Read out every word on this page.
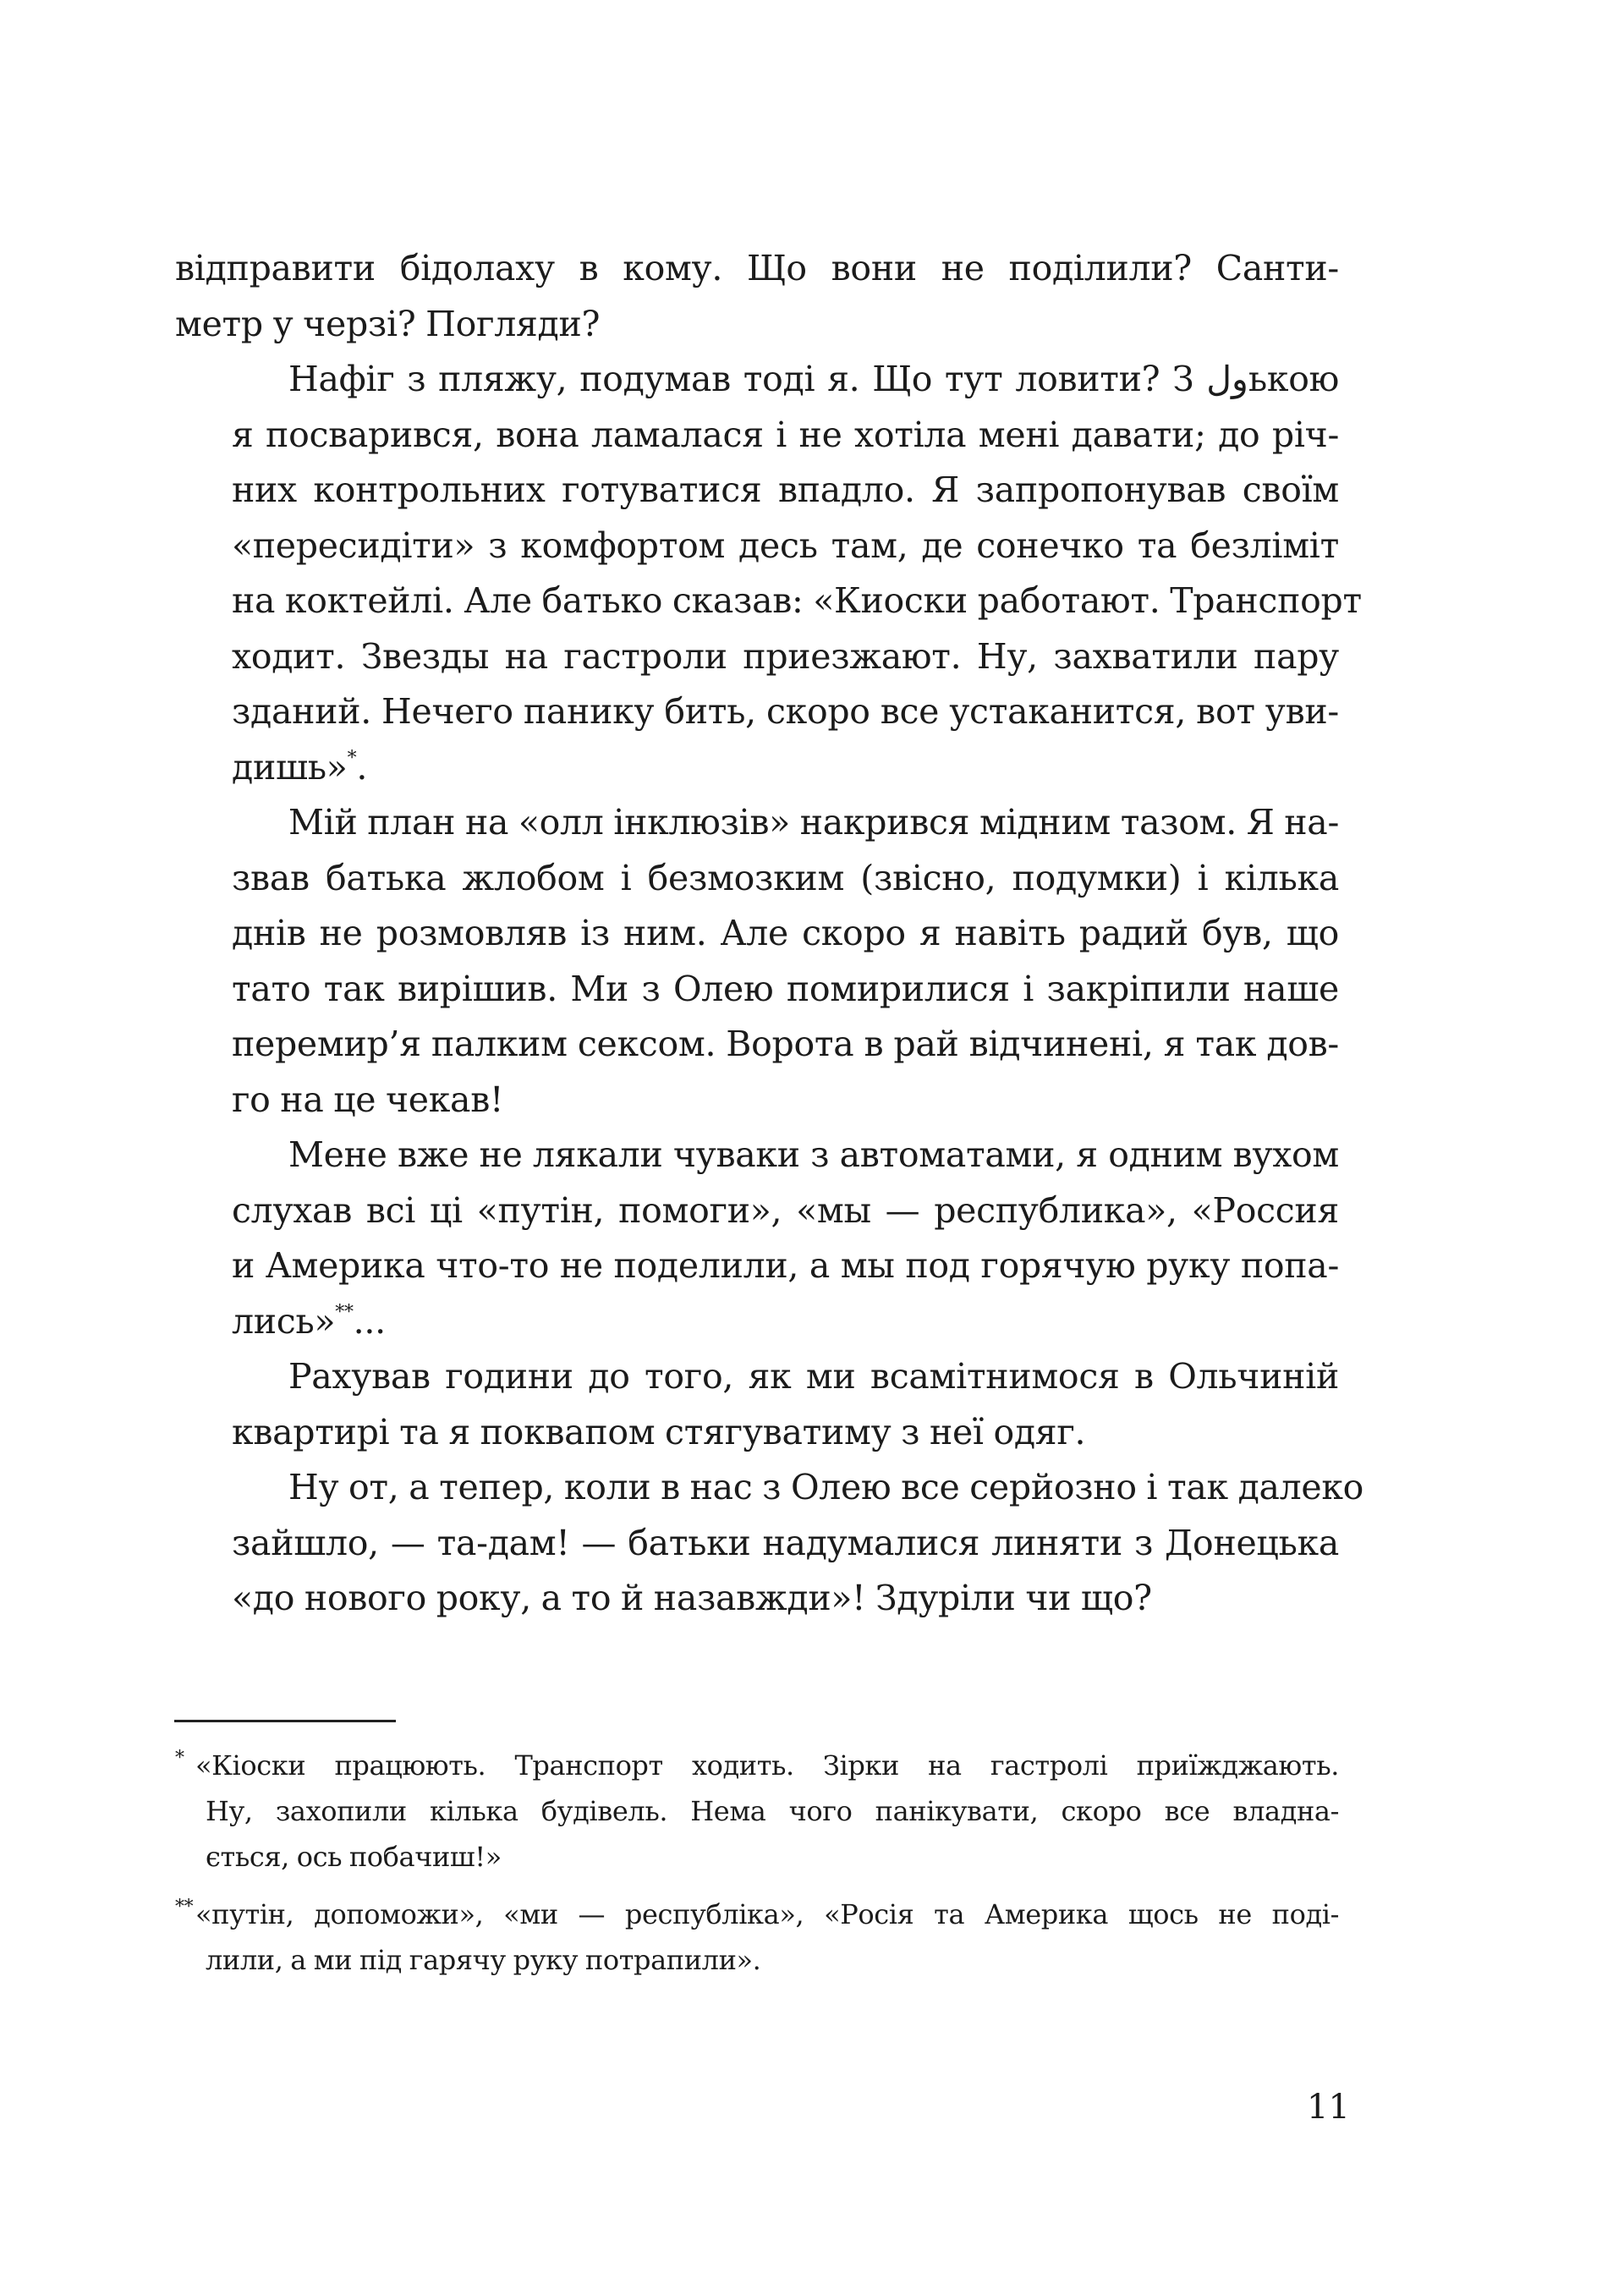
відправити бідолаху в кому. Що вони не поділили? Санти-
метр у черзі? Погляди?

Нафіг з пляжу, подумав тоді я. Що тут ловити? З ولькою
я посварився, вона ламалася і не хотіла мені давати; до річ-
них контрольних готуватися впадло. Я запропонував своїм
«пересидіти» з комфортом десь там, де сонечко та безліміт
на коктейлі. Але батько сказав: «Киоски работают. Транспорт
ходит. Звезды на гастроли приезжают. Ну, захватили пару
зданий. Нечего панику бить, скоро все устаканится, вот уви-
дишь»*.

Мій план на «олл інклюзів» накрився мідним тазом. Я на-
звав батька жлобом і безмозким (звісно, подумки) і кілька
днів не розмовляв із ним. Але скоро я навіть радий був, що
тато так вирішив. Ми з Олею помирилися і закріпили наше
перемир’я палким сексом. Ворота в рай відчинені, я так дов-
го на це чекав!

Мене вже не лякали чуваки з автоматами, я одним вухом
слухав всі ці «путін, помоги», «мы — республика», «Россия
и Америка что-то не поделили, а мы под горячую руку попа-
лись»**...

Рахував години до того, як ми всамітнимося в Ольчиній
квартирі та я поквапом стягуватиму з неї одяг.

Ну от, а тепер, коли в нас з Олею все серйозно і так далеко
зайшло, — та-дам! — батьки надумалися линяти з Донецька
«до нового року, а то й назавжди»! Здуріли чи що?

* «Кіоски працюють. Транспорт ходить. Зірки на гастролі приїжджають.
Ну, захопили кілька будівель. Нема чого панікувати, скоро все владна-
ється, ось побачиш!»
** «путін, допоможи», «ми — республіка», «Росія та Америка щось не поді-
лили, а ми під гарячу руку потрапили».
11
